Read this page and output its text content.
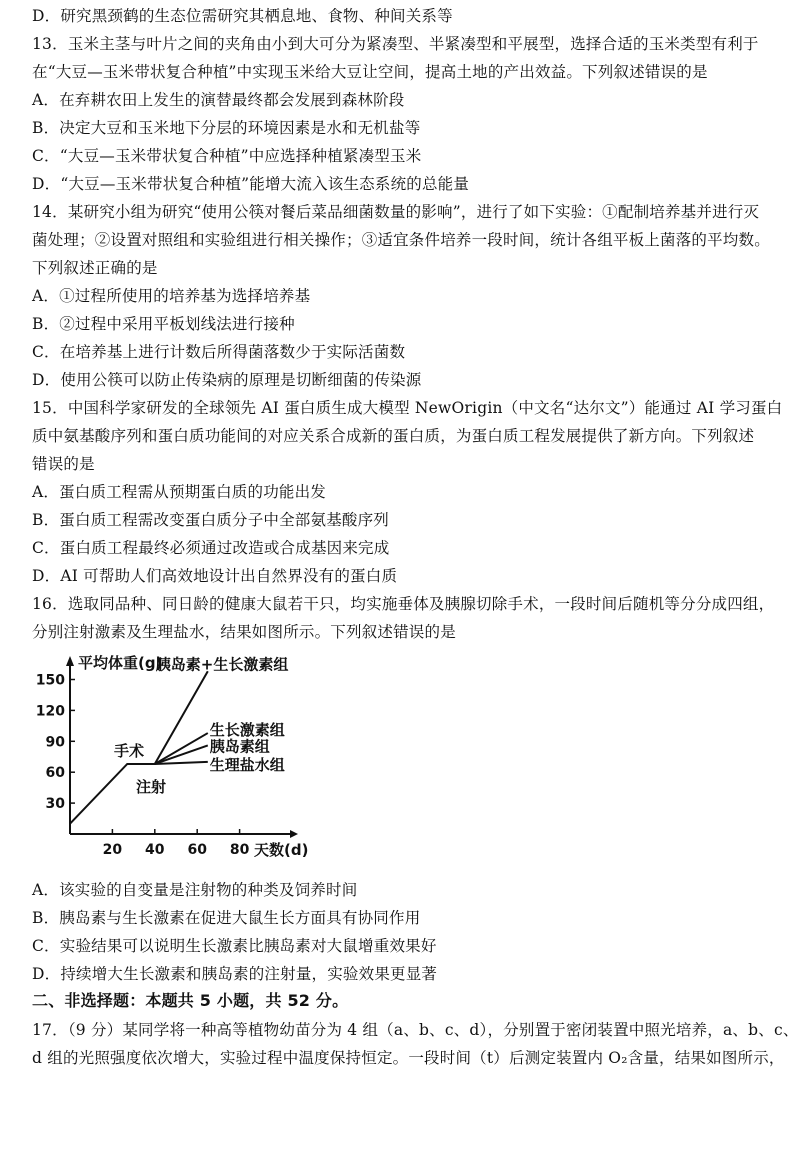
D．研究黑颈鹤的生态位需研究其栖息地、食物、种间关系等
13．玉米主茎与叶片之间的夹角由小到大可分为紧凑型、半紧凑型和平展型，选择合适的玉米类型有利于
在“大豆—玉米带状复合种植”中实现玉米给大豆让空间，提高土地的产出效益。下列叙述错误的是
A．在弃耕农田上发生的演替最终都会发展到森林阶段
B．决定大豆和玉米地下分层的环境因素是水和无机盐等
C．“大豆—玉米带状复合种植”中应选择种植紧凑型玉米
D．“大豆—玉米带状复合种植”能增大流入该生态系统的总能量
14．某研究小组为研究“使用公筷对餐后菜品细菌数量的影响”，进行了如下实验：①配制培养基并进行灭
菌处理；②设置对照组和实验组进行相关操作；③适宜条件培养一段时间，统计各组平板上菌落的平均数。
下列叙述正确的是
A．①过程所使用的培养基为选择培养基
B．②过程中采用平板划线法进行接种
C．在培养基上进行计数后所得菌落数少于实际活菌数
D．使用公筷可以防止传染病的原理是切断细菌的传染源
15．中国科学家研发的全球领先 AI 蛋白质生成大模型 NewOrigin（中文名“达尔文”）能通过 AI 学习蛋白
质中氨基酸序列和蛋白质功能间的对应关系合成新的蛋白质，为蛋白质工程发展提供了新方向。下列叙述
错误的是
A．蛋白质工程需从预期蛋白质的功能出发
B．蛋白质工程需改变蛋白质分子中全部氨基酸序列
C．蛋白质工程最终必须通过改造或合成基因来完成
D．AI 可帮助人们高效地设计出自然界没有的蛋白质
16．选取同品种、同日龄的健康大鼠若干只，均实施垂体及胰腺切除手术，一段时间后随机等分分成四组，
分别注射激素及生理盐水，结果如图所示。下列叙述错误的是
平均体重(g)
天数(d)
30
60
90
120
150
20 40 60 80
胰岛素+生长激素组
生长激素组
胰岛素组
生理盐水组
手术
注射
A．该实验的自变量是注射物的种类及饲养时间
B．胰岛素与生长激素在促进大鼠生长方面具有协同作用
C．实验结果可以说明生长激素比胰岛素对大鼠增重效果好
D．持续增大生长激素和胰岛素的注射量，实验效果更显著
二、非选择题：本题共 5 小题，共 52 分。
17．（9 分）某同学将一种高等植物幼苗分为 4 组（a、b、c、d），分别置于密闭装置中照光培养，a、b、c、
d 组的光照强度依次增大，实验过程中温度保持恒定。一段时间（t）后测定装置内 O₂含量，结果如图所示，
